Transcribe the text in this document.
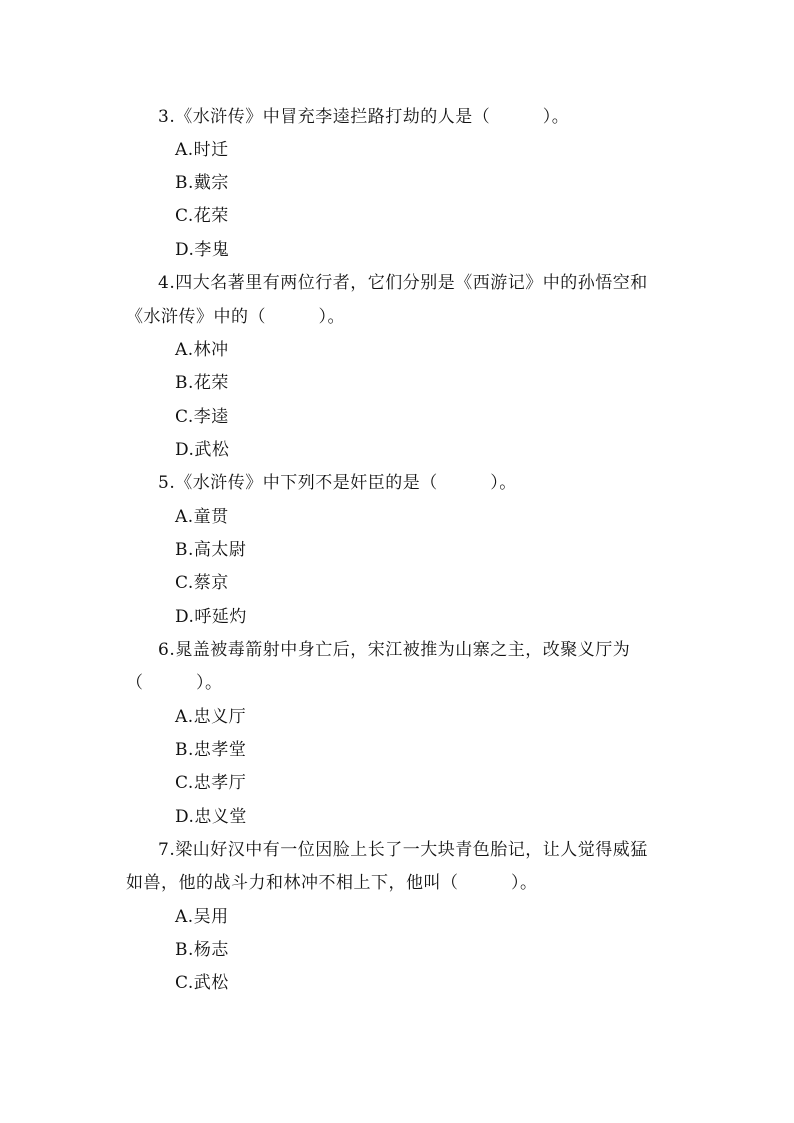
3.《水浒传》中冒充李逵拦路打劫的人是（　　　）。
A.时迁
B.戴宗
C.花荣
D.李鬼
4.四大名著里有两位行者，它们分别是《西游记》中的孙悟空和
《水浒传》中的（　　　）。
A.林冲
B.花荣
C.李逵
D.武松
5.《水浒传》中下列不是奸臣的是（　　　）。
A.童贯
B.高太尉
C.蔡京
D.呼延灼
6.晁盖被毒箭射中身亡后，宋江被推为山寨之主，改聚义厅为
（　　　）。
A.忠义厅
B.忠孝堂
C.忠孝厅
D.忠义堂
7.梁山好汉中有一位因脸上长了一大块青色胎记，让人觉得威猛
如兽，他的战斗力和林冲不相上下，他叫（　　　）。
A.吴用
B.杨志
C.武松
